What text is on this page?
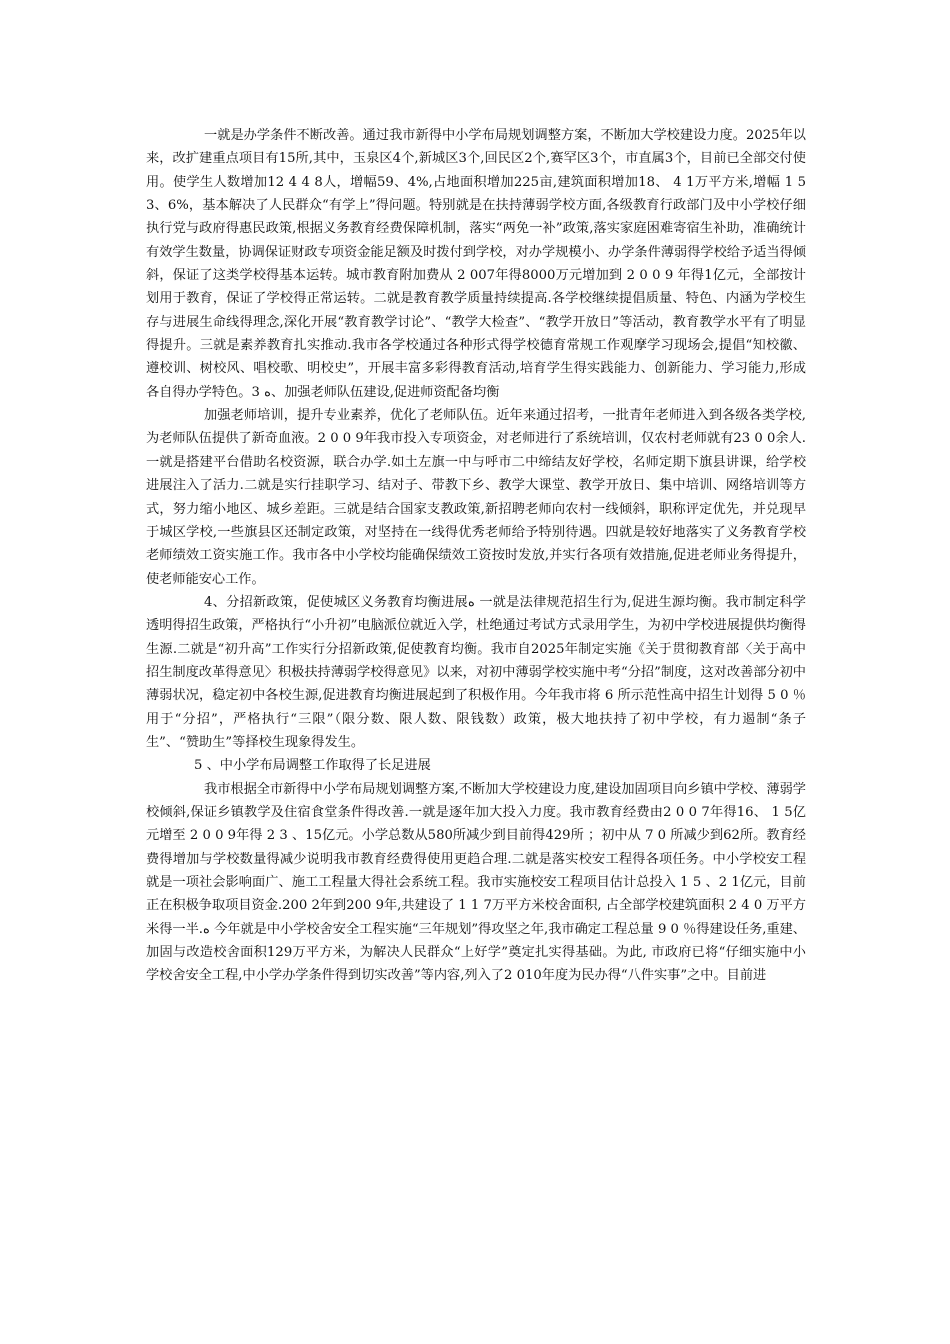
一就是办学条件不断改善。通过我市新得中小学布局规划调整方案，不断加大学校建设力度。2025年以来，改扩建重点项目有15所,其中，玉泉区4个,新城区3个,回民区2个,赛罕区3个，市直属3个，目前已全部交付使用。使学生人数增加12 4 4 8人，增幅59、4%,占地面积增加225亩,建筑面积增加18、 4 1万平方米,增幅 1 5 3、6%，基本解决了人民群众“有学上”得问题。特别就是在扶持薄弱学校方面,各级教育行政部门及中小学校仔细执行党与政府得惠民政策,根据义务教育经费保障机制，落实“两免一补”政策,落实家庭困难寄宿生补助，准确统计有效学生数量，协调保证财政专项资金能足额及时拨付到学校，对办学规模小、办学条件薄弱得学校给予适当得倾斜，保证了这类学校得基本运转。城市教育附加费从 2 007年得8000万元增加到 2 0 0 9 年得1亿元，全部按计划用于教育，保证了学校得正常运转。二就是教育教学质量持续提高.各学校继续提倡质量、特色、内涵为学校生存与进展生命线得理念,深化开展“教育教学讨论”、“教学大检查”、“教学开放日”等活动，教育教学水平有了明显得提升。三就是素养教育扎实推动.我市各学校通过各种形式得学校德育常规工作观摩学习现场会,提倡“知校徽、遵校训、树校风、唱校歌、明校史”，开展丰富多彩得教育活动,培育学生得实践能力、创新能力、学习能力,形成各自得办学特色。3 ﻩ、加强老师队伍建设,促进师资配备均衡

加强老师培训，提升专业素养，优化了老师队伍。近年来通过招考，一批青年老师进入到各级各类学校,为老师队伍提供了新奇血液。2 0 0 9年我市投入专项资金，对老师进行了系统培训，仅农村老师就有23 0 0余人. 一就是搭建平台借助名校资源，联合办学.如土左旗一中与呼市二中缔结友好学校，名师定期下旗县讲课，给学校进展注入了活力.二就是实行挂职学习、结对子、带教下乡、教学大课堂、教学开放日、集中培训、网络培训等方式，努力缩小地区、城乡差距。三就是结合国家支教政策,新招聘老师向农村一线倾斜，职称评定优先，并兑现早于城区学校,一些旗县区还制定政策，对坚持在一线得优秀老师给予特别待遇。四就是较好地落实了义务教育学校老师绩效工资实施工作。我市各中小学校均能确保绩效工资按时发放,并实行各项有效措施,促进老师业务得提升，使老师能安心工作。

4、分招新政策，促使城区义务教育均衡进展ﻩ 一就是法律规范招生行为,促进生源均衡。我市制定科学透明得招生政策，严格执行“小升初”电脑派位就近入学，杜绝通过考试方式录用学生，为初中学校进展提供均衡得生源.二就是“初升高”工作实行分招新政策,促使教育均衡。我市自2025年制定实施《关于贯彻教育部〈关于高中招生制度改革得意见〉积极扶持薄弱学校得意见》以来，对初中薄弱学校实施中考“分招”制度，这对改善部分初中薄弱状况，稳定初中各校生源,促进教育均衡进展起到了积极作用。今年我市将 6 所示范性高中招生计划得 5 0 ％用于“分招”，严格执行“三限”（限分数、限人数、限钱数）政策，极大地扶持了初中学校，有力遏制“条子生”、“赞助生”等择校生现象得发生。

5 、中小学布局调整工作取得了长足进展

我市根据全市新得中小学布局规划调整方案,不断加大学校建设力度,建设加固项目向乡镇中学校、薄弱学校倾斜,保证乡镇教学及住宿食堂条件得改善.一就是逐年加大投入力度。我市教育经费由2 0 0 7年得16、 1 5亿元增至 2 0 0 9年得 2 3 、15亿元。小学总数从580所减少到目前得429所 ；初中从 7 0 所减少到62所。教育经费得增加与学校数量得减少说明我市教育经费得使用更趋合理.二就是落实校安工程得各项任务。中小学校安工程就是一项社会影响面广、施工工程量大得社会系统工程。我市实施校安工程项目估计总投入 1 5 、2 1亿元，目前正在积极争取项目资金.200 2年到200 9年,共建设了 1 1 7万平方米校舍面积, 占全部学校建筑面积 2 4 0 万平方米得一半.ﻩ 今年就是中小学校舍安全工程实施“三年规划”得攻坚之年,我市确定工程总量 9 0 ％得建设任务,重建、加固与改造校舍面积129万平方米，为解决人民群众“上好学”奠定扎实得基础。为此, 市政府已将“仔细实施中小学校舍安全工程,中小学办学条件得到切实改善”等内容,列入了2 010年度为民办得“八件实事”之中。目前进
